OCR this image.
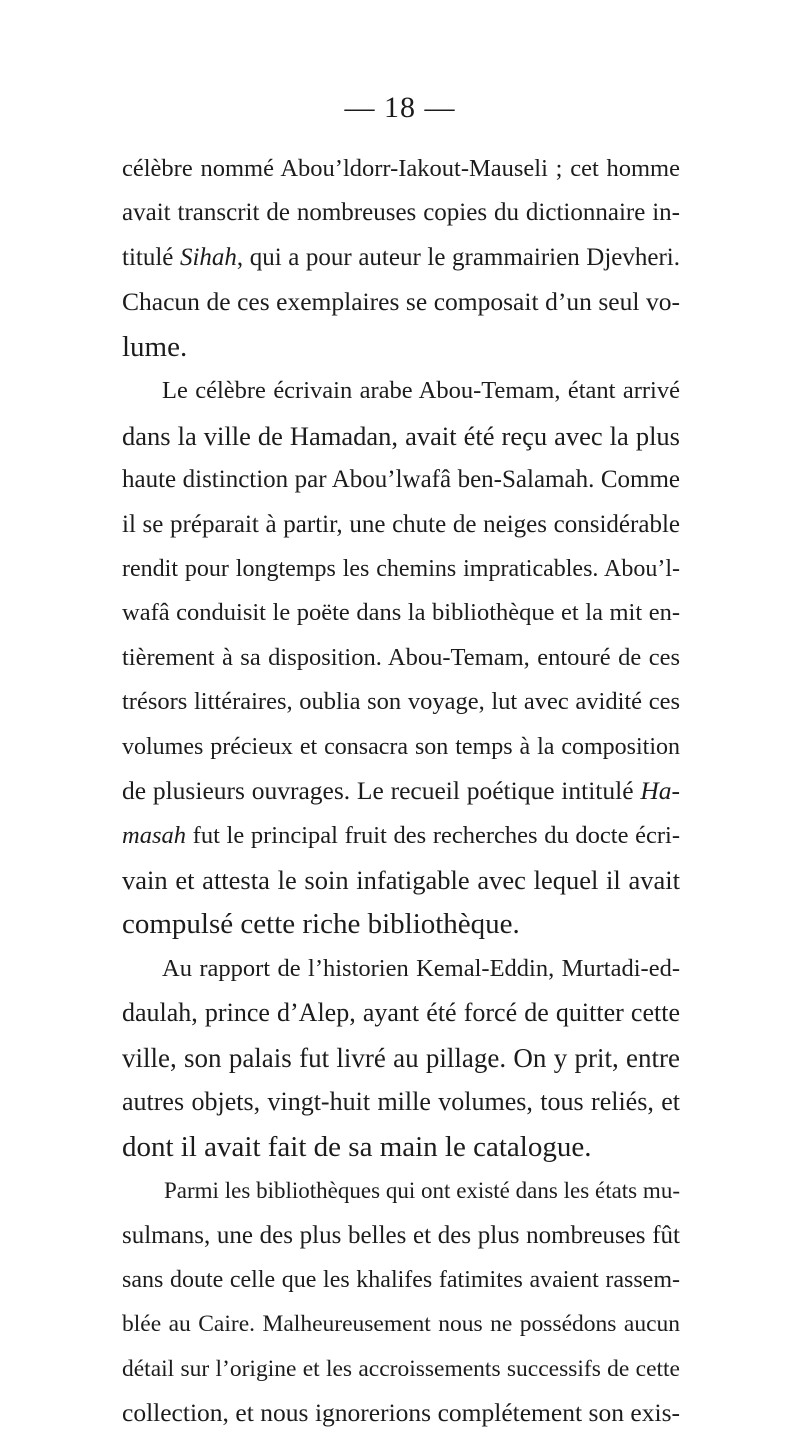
— 18 —
célèbre nommé Abou’ldorr-Iakout-Mauseli ; cet homme
avait transcrit de nombreuses copies du dictionnaire in-
titulé Sihah, qui a pour auteur le grammairien Djevheri.
Chacun de ces exemplaires se composait d’un seul vo-
lume.
Le célèbre écrivain arabe Abou-Temam, étant arrivé
dans la ville de Hamadan, avait été reçu avec la plus
haute distinction par Abou’lwafâ ben-Salamah. Comme
il se préparait à partir, une chute de neiges considérable
rendit pour longtemps les chemins impraticables. Abou’l-
wafâ conduisit le poëte dans la bibliothèque et la mit en-
tièrement à sa disposition. Abou-Temam, entouré de ces
trésors littéraires, oublia son voyage, lut avec avidité ces
volumes précieux et consacra son temps à la composition
de plusieurs ouvrages. Le recueil poétique intitulé Ha-
masah fut le principal fruit des recherches du docte écri-
vain et attesta le soin infatigable avec lequel il avait
compulsé cette riche bibliothèque.
Au rapport de l’historien Kemal-Eddin, Murtadi-ed-
daulah, prince d’Alep, ayant été forcé de quitter cette
ville, son palais fut livré au pillage. On y prit, entre
autres objets, vingt-huit mille volumes, tous reliés, et
dont il avait fait de sa main le catalogue.
Parmi les bibliothèques qui ont existé dans les états mu-
sulmans, une des plus belles et des plus nombreuses fût
sans doute celle que les khalifes fatimites avaient rassem-
blée au Caire. Malheureusement nous ne possédons aucun
détail sur l’origine et les accroissements successifs de cette
collection, et nous ignorerions complétement son exis-
